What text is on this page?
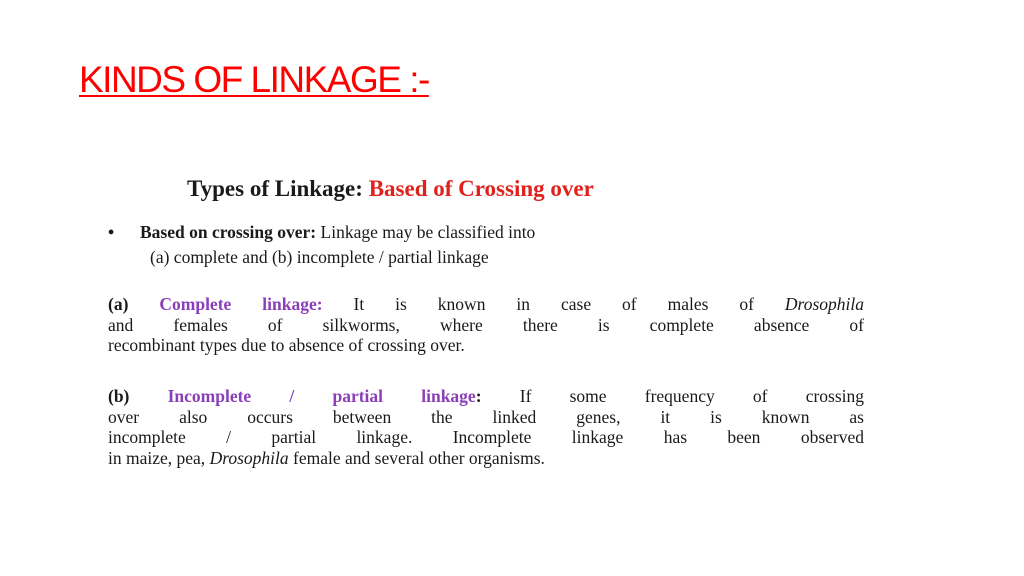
KINDS OF LINKAGE :-
Types of Linkage: Based of Crossing over
• Based on crossing over: Linkage may be classified into
(a) complete and (b) incomplete / partial linkage
(a) Complete linkage: It is known in case of males of Drosophila
and females of silkworms, where there is complete absence of
recombinant types due to absence of crossing over.
(b) Incomplete / partial linkage: If some frequency of crossing
over also occurs between the linked genes, it is known as
incomplete / partial linkage. Incomplete linkage has been observed
in maize, pea, Drosophila female and several other organisms.
